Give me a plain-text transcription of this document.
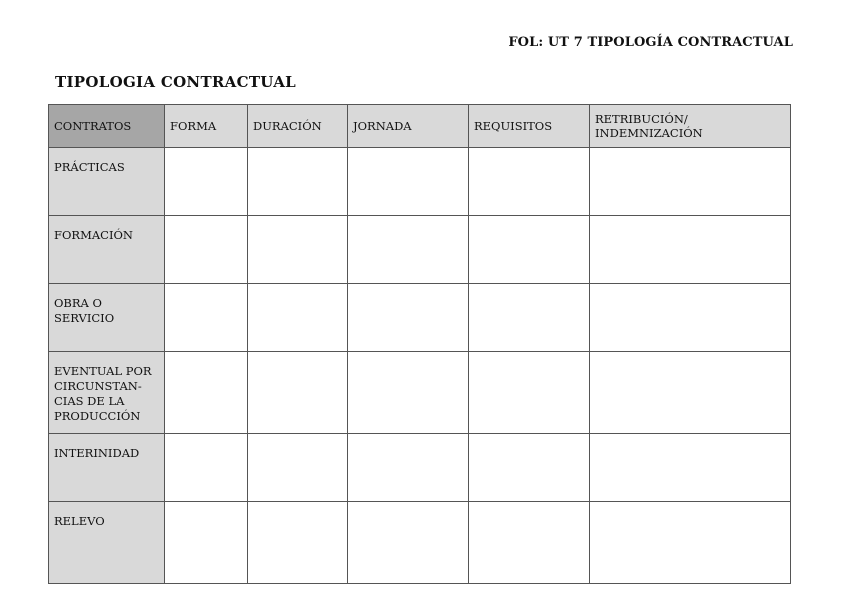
FOL: UT 7 TIPOLOGÍA CONTRACTUAL
TIPOLOGIA CONTRACTUAL
CONTRATOS	FORMA	DURACIÓN	JORNADA	REQUISITOS	RETRIBUCIÓN/ INDEMNIZACIÓN
PRÁCTICAS					
FORMACIÓN					
OBRA O SERVICIO					
EVENTUAL POR CIRCUNSTAN- CIAS DE LA PRODUCCIÓN					
INTERINIDAD					
RELEVO					
